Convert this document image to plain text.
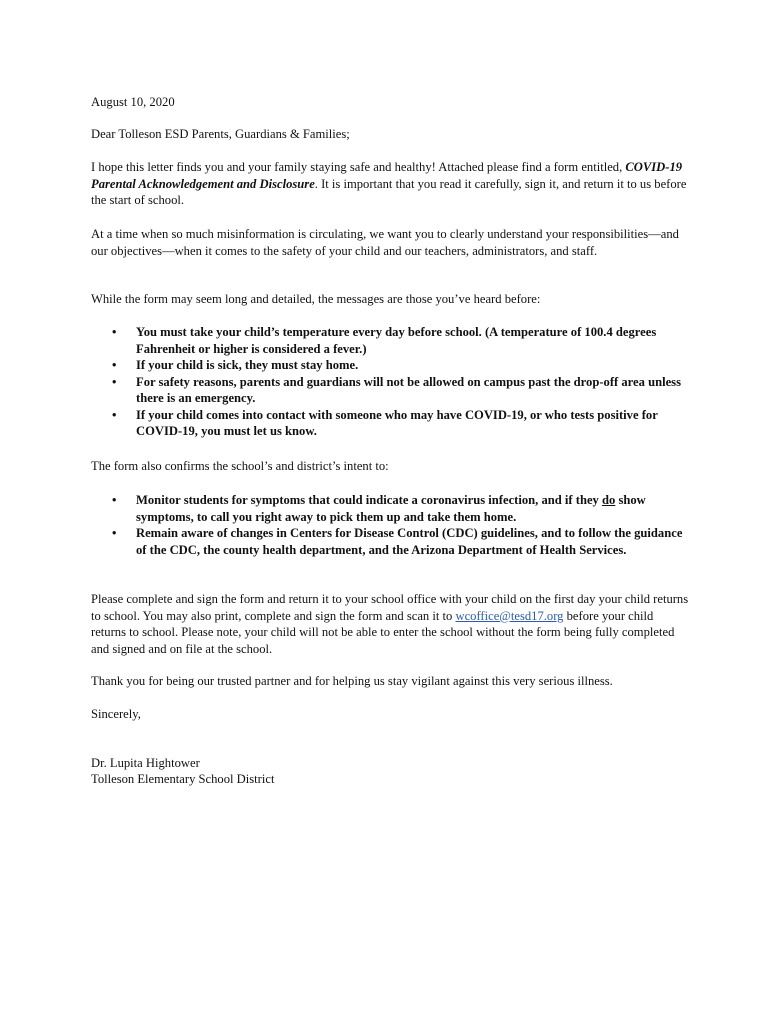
August 10, 2020

Dear Tolleson ESD Parents, Guardians & Families;

I hope this letter finds you and your family staying safe and healthy! Attached please find a form entitled, COVID-19 Parental Acknowledgement and Disclosure. It is important that you read it carefully, sign it, and return it to us before the start of school.

At a time when so much misinformation is circulating, we want you to clearly understand your responsibilities—and our objectives—when it comes to the safety of your child and our teachers, administrators, and staff.

While the form may seem long and detailed, the messages are those you’ve heard before:

• You must take your child’s temperature every day before school. (A temperature of 100.4 degrees Fahrenheit or higher is considered a fever.)
• If your child is sick, they must stay home.
• For safety reasons, parents and guardians will not be allowed on campus past the drop-off area unless there is an emergency.
• If your child comes into contact with someone who may have COVID-19, or who tests positive for COVID-19, you must let us know.

The form also confirms the school’s and district’s intent to:

• Monitor students for symptoms that could indicate a coronavirus infection, and if they do show symptoms, to call you right away to pick them up and take them home.
• Remain aware of changes in Centers for Disease Control (CDC) guidelines, and to follow the guidance of the CDC, the county health department, and the Arizona Department of Health Services.

Please complete and sign the form and return it to your school office with your child on the first day your child returns to school. You may also print, complete and sign the form and scan it to wcoffice@tesd17.org before your child returns to school. Please note, your child will not be able to enter the school without the form being fully completed and signed and on file at the school.

Thank you for being our trusted partner and for helping us stay vigilant against this very serious illness.

Sincerely,

Dr. Lupita Hightower

Tolleson Elementary School District
